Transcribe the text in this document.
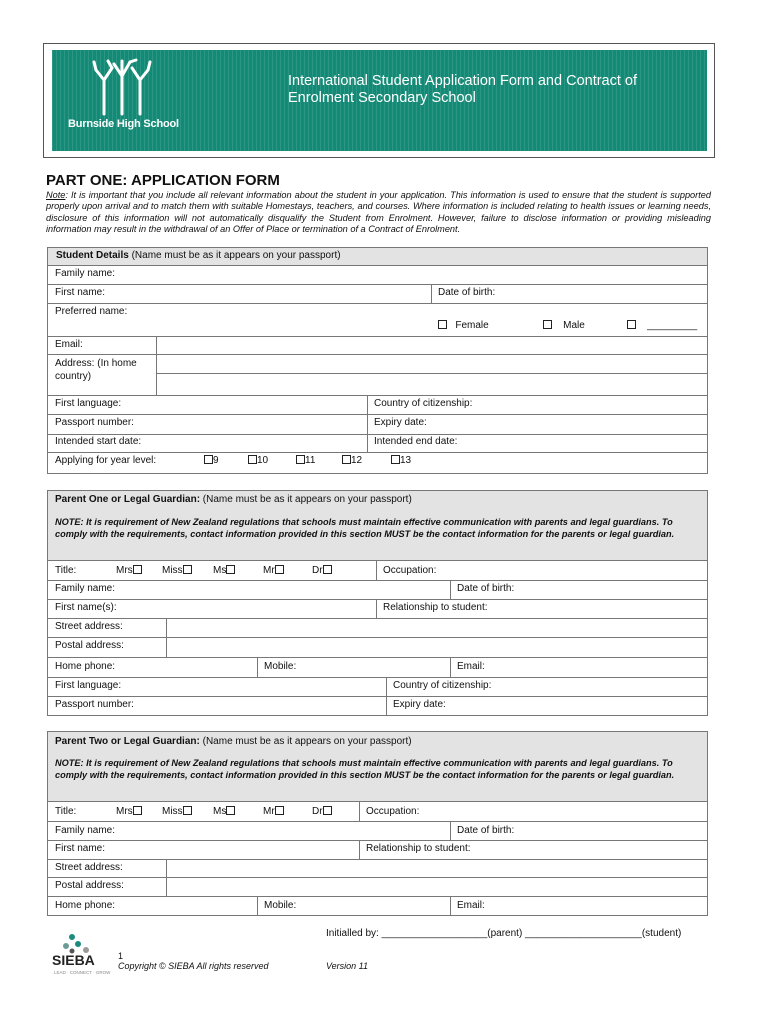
Burnside High School
International Student Application Form and Contract of Enrolment Secondary School
PART ONE: APPLICATION FORM
Note: It is important that you include all relevant information about the student in your application. This information is used to ensure that the student is supported properly upon arrival and to match them with suitable Homestays, teachers, and courses. Where information is included relating to health issues or learning needs, disclosure of this information will not automatically disqualify the Student from Enrolment. However, failure to disclose information or providing misleading information may result in the withdrawal of an Offer of Place or termination of a Contract of Enrolment.
Student Details (Name must be as it appears on your passport)
Family name:
First name:	Date of birth:
Preferred name:
Female	Male	_________
Email:
Address: (In home country)
First language:	Country of citizenship:
Passport number:	Expiry date:
Intended start date:	Intended end date:
Applying for year level:	9	10	11	12	13
Parent One or Legal Guardian: (Name must be as it appears on your passport)
NOTE: It is requirement of New Zealand regulations that schools must maintain effective communication with parents and legal guardians. To comply with the requirements, contact information provided in this section MUST be the contact information for the parents or legal guardian.
Title:	Mrs	Miss	Ms	Mr	Dr	Occupation:
Family name:	Date of birth:
First name(s):	Relationship to student:
Street address:
Postal address:
Home phone:	Mobile:	Email:
First language:	Country of citizenship:
Passport number:	Expiry date:
Parent Two or Legal Guardian: (Name must be as it appears on your passport)
NOTE: It is requirement of New Zealand regulations that schools must maintain effective communication with parents and legal guardians. To comply with the requirements, contact information provided in this section MUST be the contact information for the parents or legal guardian.
Title:	Mrs	Miss	Ms	Mr	Dr	Occupation:
Family name:	Date of birth:
First name:	Relationship to student:
Street address:
Postal address:
Home phone:	Mobile:	Email:
Initialled by: ___________________(parent) _____________________(student)
SIEBA
LEAD · CONNECT · GROW
1
Copyright © SIEBA All rights reserved	Version 11
